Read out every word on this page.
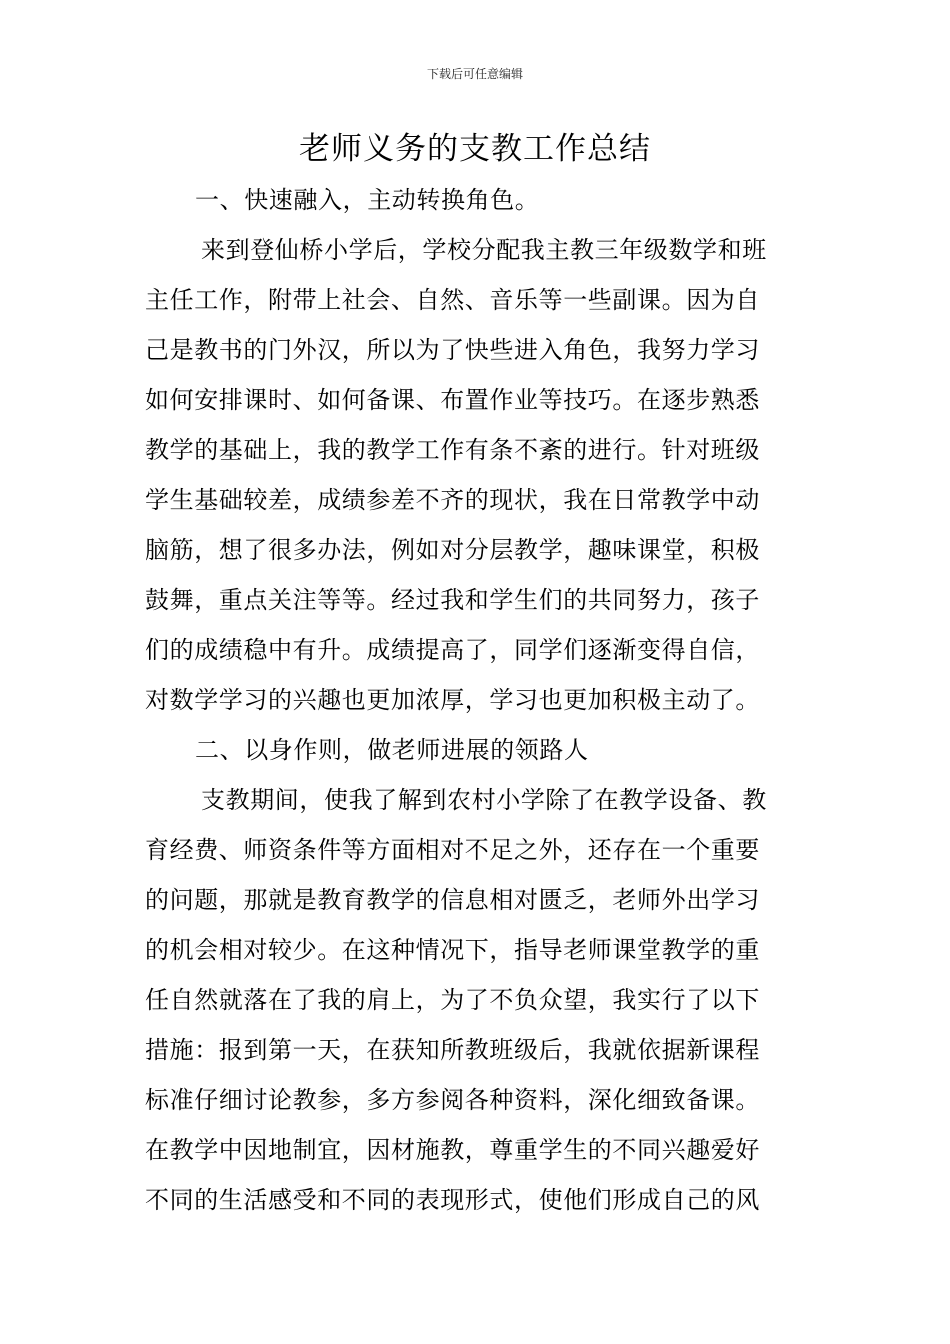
下载后可任意编辑
老师义务的支教工作总结
一、快速融入，主动转换角色。
来到登仙桥小学后，学校分配我主教三年级数学和班
主任工作，附带上社会、自然、音乐等一些副课。因为自
己是教书的门外汉，所以为了快些进入角色，我努力学习
如何安排课时、如何备课、布置作业等技巧。在逐步熟悉
教学的基础上，我的教学工作有条不紊的进行。针对班级
学生基础较差，成绩参差不齐的现状，我在日常教学中动
脑筋，想了很多办法，例如对分层教学，趣味课堂，积极
鼓舞，重点关注等等。经过我和学生们的共同努力，孩子
们的成绩稳中有升。成绩提高了，同学们逐渐变得自信，
对数学学习的兴趣也更加浓厚，学习也更加积极主动了。
二、以身作则，做老师进展的领路人
支教期间，使我了解到农村小学除了在教学设备、教
育经费、师资条件等方面相对不足之外，还存在一个重要
的问题，那就是教育教学的信息相对匮乏，老师外出学习
的机会相对较少。在这种情况下，指导老师课堂教学的重
任自然就落在了我的肩上，为了不负众望，我实行了以下
措施：报到第一天，在获知所教班级后，我就依据新课程
标准仔细讨论教参，多方参阅各种资料，深化细致备课。
在教学中因地制宜，因材施教，尊重学生的不同兴趣爱好
不同的生活感受和不同的表现形式，使他们形成自己的风
